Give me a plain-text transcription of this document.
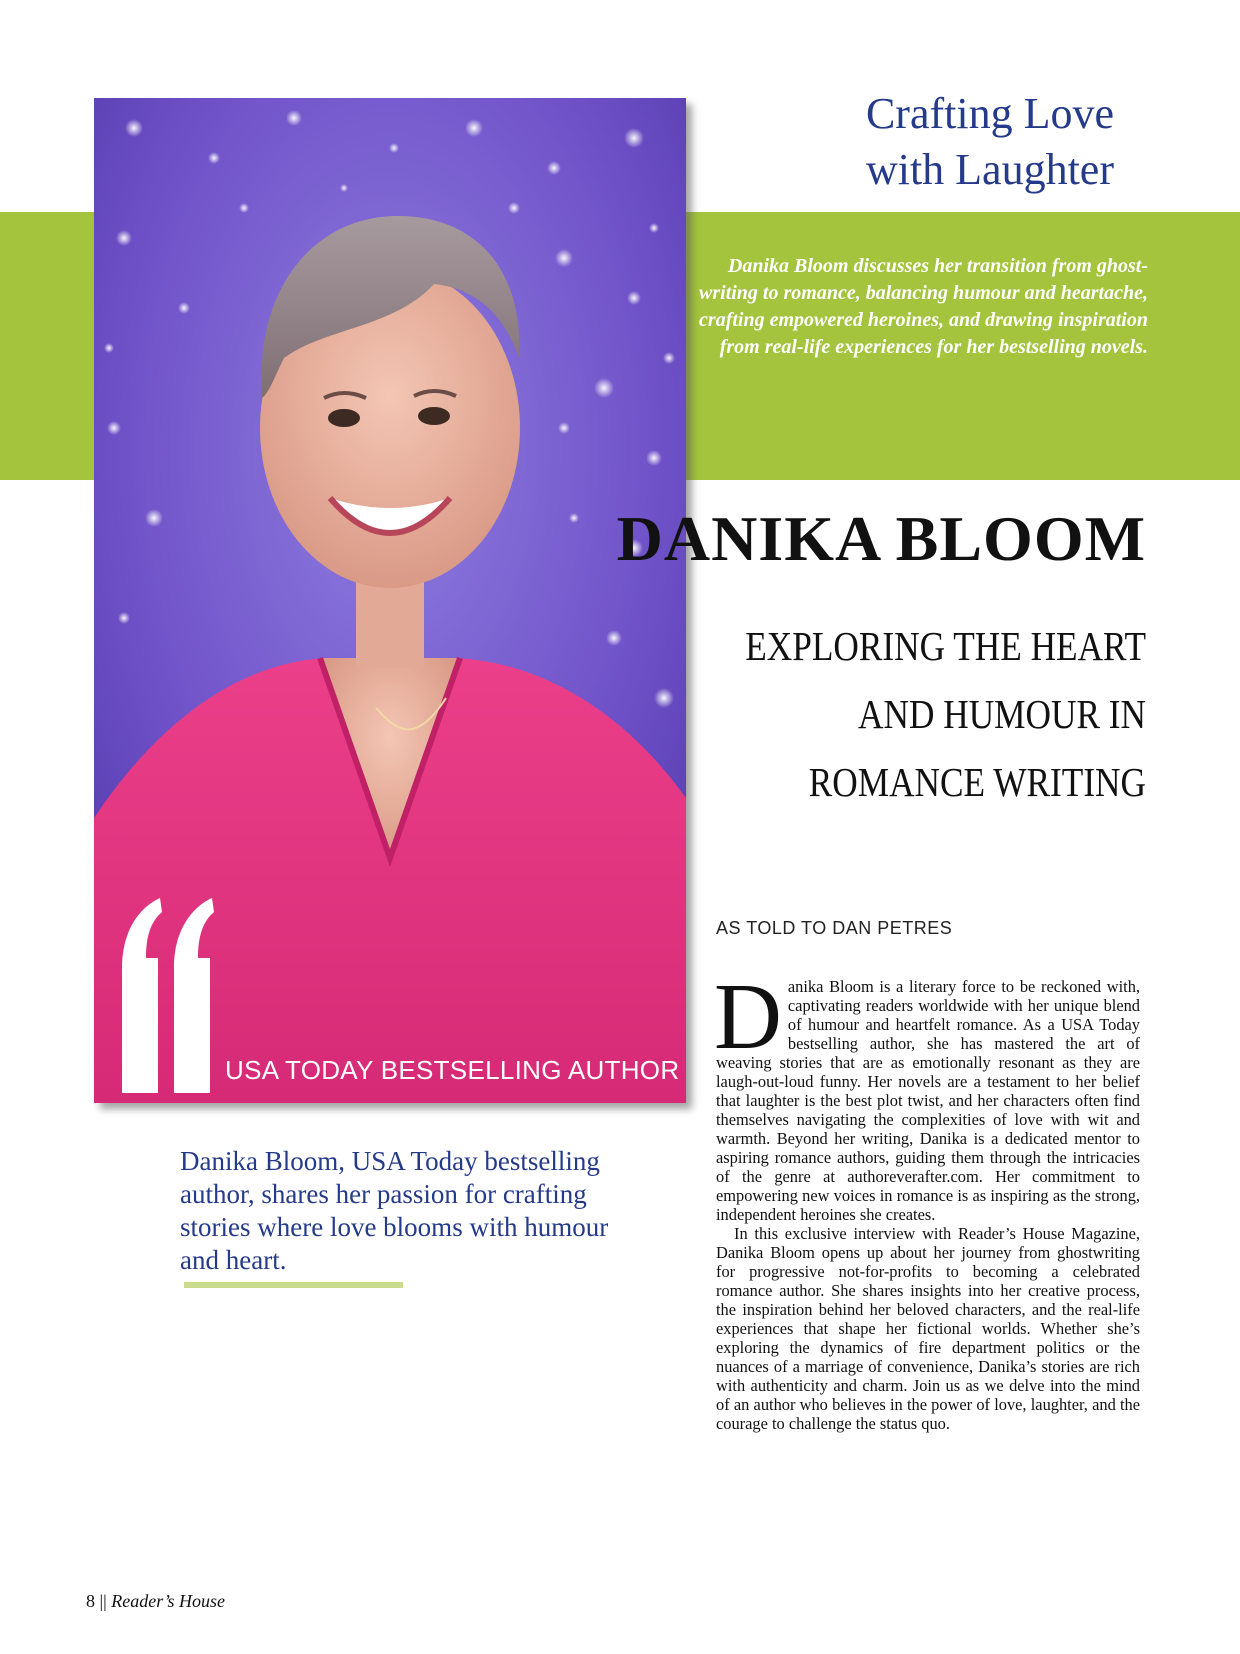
Crafting Love
with Laughter
Danika Bloom discusses her transition from ghost-writing to romance, balancing humour and heartache, crafting empowered heroines, and drawing inspiration from real-life experiences for her bestselling novels.
USA TODAY BESTSELLING AUTHOR
DANIKA BLOOM
EXPLORING THE HEART AND HUMOUR IN ROMANCE WRITING
AS TOLD TO DAN PETRES

Danika Bloom is a literary force to be reckoned with, captivating readers worldwide with her unique blend of humour and heartfelt romance. As a USA Today bestselling author, she has mastered the art of weaving stories that are as emotionally resonant as they are laugh-out-loud funny. Her novels are a testament to her belief that laughter is the best plot twist, and her characters often find themselves navigating the complexities of love with wit and warmth. Beyond her writing, Danika is a dedicated mentor to aspiring romance authors, guiding them through the intricacies of the genre at authoreverafter.com. Her commitment to empowering new voices in romance is as inspiring as the strong, independent heroines she creates.

In this exclusive interview with Reader’s House Magazine, Danika Bloom opens up about her journey from ghostwriting for progressive not-for-profits to becoming a celebrated romance author. She shares insights into her creative process, the inspiration behind her beloved characters, and the real-life experiences that shape her fictional worlds. Whether she’s exploring the dynamics of fire department politics or the nuances of a marriage of convenience, Danika’s stories are rich with authenticity and charm. Join us as we delve into the mind of an author who believes in the power of love, laughter, and the courage to challenge the status quo.

Danika Bloom, USA Today bestselling author, shares her passion for crafting stories where love blooms with humour and heart.
8 || Reader’s House
